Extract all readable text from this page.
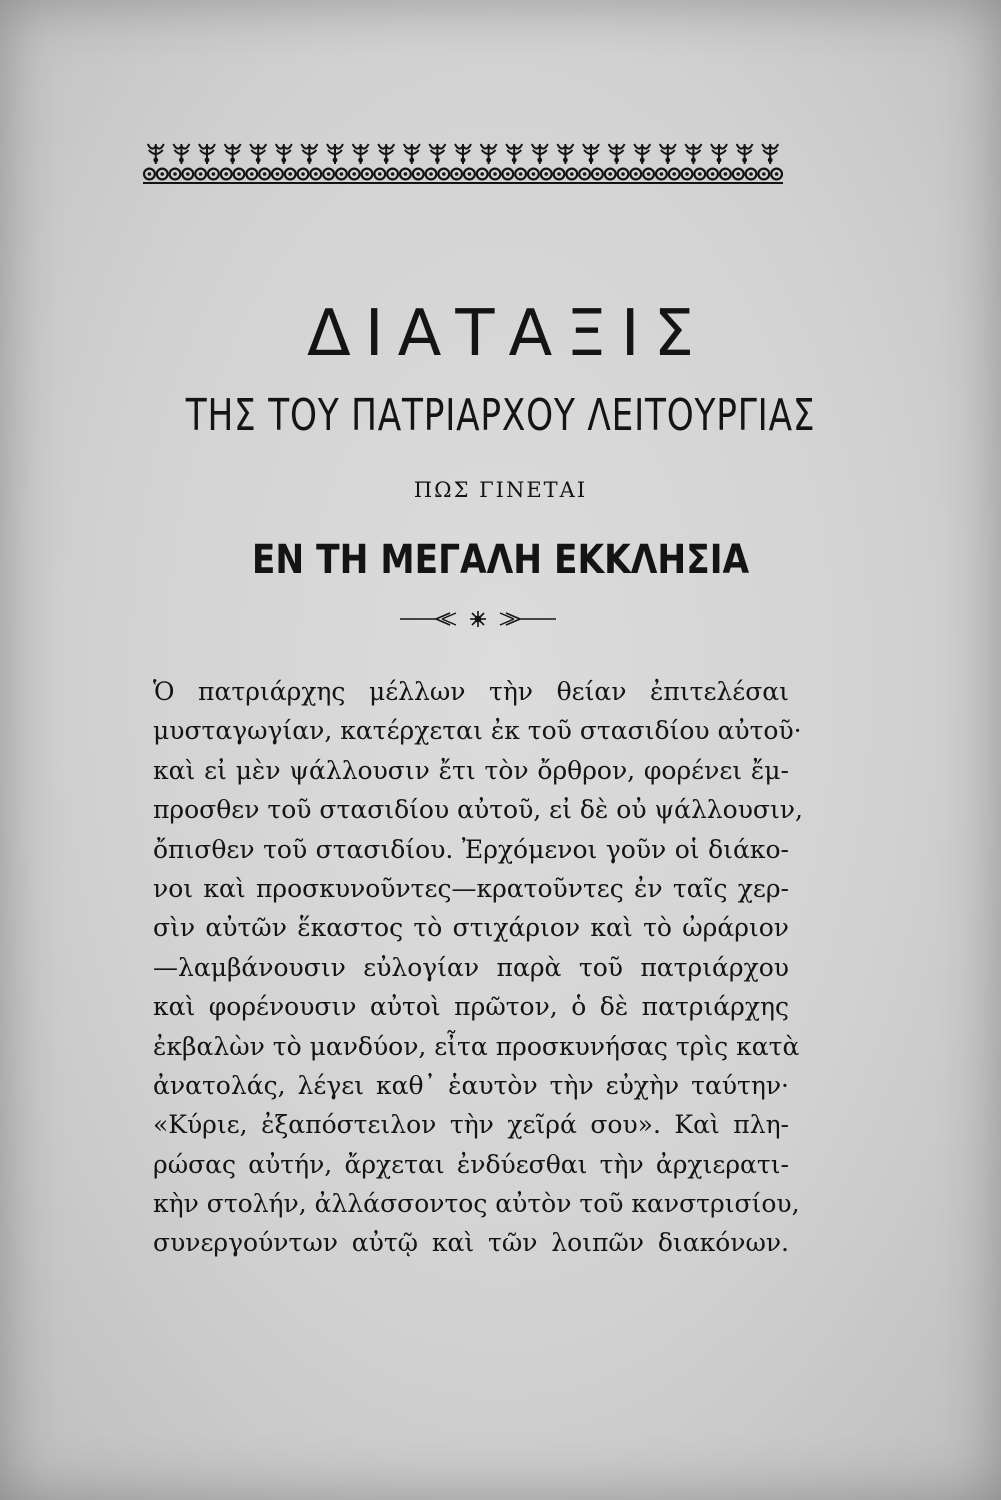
ΔΙΑΤΑΞΙΣ
ΤΗΣ ΤΟΥ ΠΑΤΡΙΑΡΧΟΥ ΛΕΙΤΟΥΡΓΙΑΣ
ΠΩΣ ΓΙΝΕΤΑΙ
ΕΝ ΤΗ ΜΕΓΑΛΗ ΕΚΚΛΗΣΙΑ
Ὁ πατριάρχης μέλλων τὴν θείαν ἐπιτελέσαι
μυσταγωγίαν, κατέρχεται ἐκ τοῦ στασιδίου αὐτοῦ·
καὶ εἰ μὲν ψάλλουσιν ἔτι τὸν ὄρθρον, φορένει ἔμ-
προσθεν τοῦ στασιδίου αὐτοῦ, εἰ δὲ οὐ ψάλλουσιν,
ὄπισθεν τοῦ στασιδίου. Ἐρχόμενοι γοῦν οἱ διάκο-
νοι καὶ προσκυνοῦντες—κρατοῦντες ἐν ταῖς χερ-
σὶν αὐτῶν ἕκαστος τὸ στιχάριον καὶ τὸ ὠράριον
—λαμβάνουσιν εὐλογίαν παρὰ τοῦ πατριάρχου
καὶ φορένουσιν αὐτοὶ πρῶτον, ὁ δὲ πατριάρχης
ἐκβαλὼν τὸ μανδύον, εἶτα προσκυνήσας τρὶς κατὰ
ἀνατολάς, λέγει καθ᾽ ἑαυτὸν τὴν εὐχὴν ταύτην·
«Κύριε, ἐξαπόστειλον τὴν χεῖρά σου». Καὶ πλη-
ρώσας αὐτήν, ἄρχεται ἐνδύεσθαι τὴν ἀρχιερατι-
κὴν στολήν, ἀλλάσσοντος αὐτὸν τοῦ κανστρισίου,
συνεργούντων αὐτῷ καὶ τῶν λοιπῶν διακόνων.
